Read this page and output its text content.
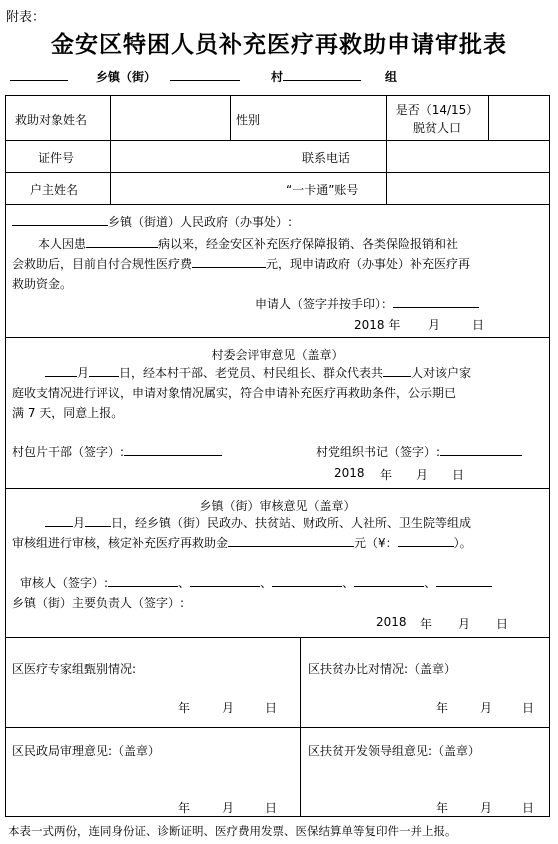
附表：
金安区特困人员补充医疗再救助申请审批表
乡镇（街）	村	组
救助对象姓名	性别
是否（14/15）
脱贫人口
证件号	联系电话
户主姓名	“一卡通”账号
乡镇（街道）人民政府（办事处）:
本人因患	病以来，经金安区补充医疗保障报销、各类保险报销和社
会救助后，目前自付合规性医疗费	元，现申请政府（办事处）补充医疗再
救助资金。
申请人（签字并按手印）：
2018 年 月	日
村委会评审意见（盖章）
月	日，经本村干部、老党员、村民组长、群众代表共 人对该户家
庭收支情况进行评议，申请对象情况属实，符合申请补充医疗再救助条件，公示期已
满 7 天，同意上报。
村包片干部（签字）:	村党组织书记（签字）:
2018 年 月 日
乡镇（街）审核意见（盖章）
月 日，经乡镇（街）民政办、扶贫站、财政所、人社所、卫生院等组成
审核组进行审核，核定补充医疗再救助金	元（¥：	）。
审核人（签字）:	、	、	、	、
乡镇（街）主要负责人（签字）:
2018 年 月 日
区医疗专家组甄别情况:	区扶贫办比对情况:（盖章）
年	月	日	年	月 日
区民政局审理意见:（盖章）	区扶贫开发领导组意见:（盖章）
年	月	日	年	月 日
本表一式两份，连同身份证、诊断证明、医疗费用发票、医保结算单等复印件一并上报。
